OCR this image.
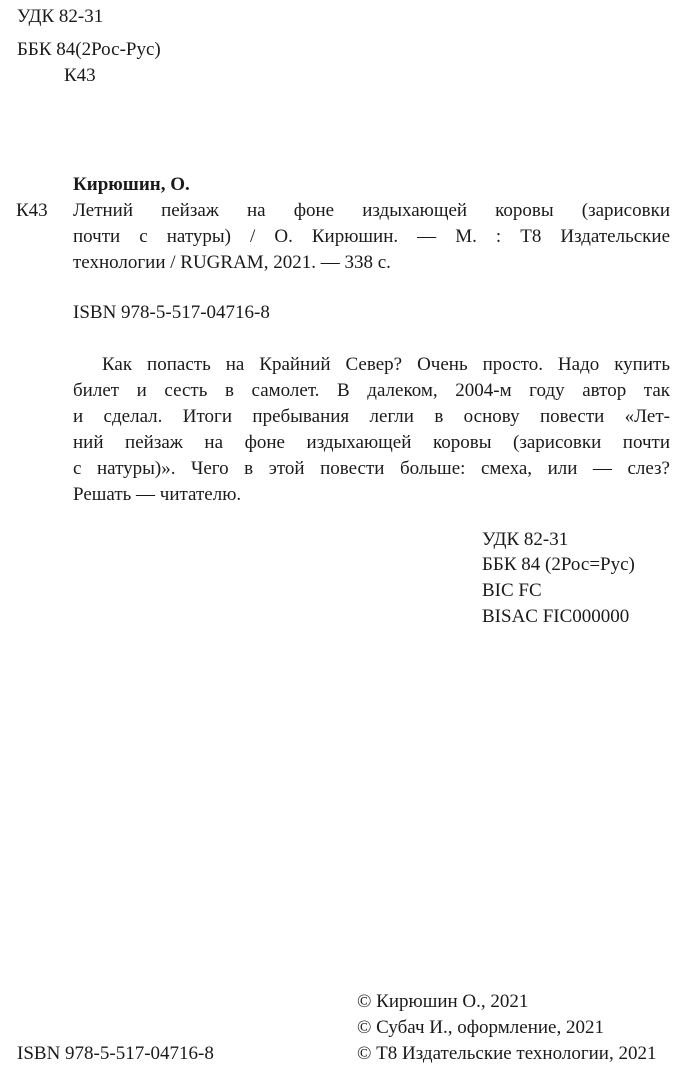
УДК 82-31
ББК 84(2Рос-Рус)
К43
Кирюшин, О.
К43 Летний пейзаж на фоне издыхающей коровы (зарисовки
почти с натуры) / О. Кирюшин. — М. : Т8 Издательские
технологии / RUGRAM, 2021. — 338 с.
ISBN 978-5-517-04716-8
Как попасть на Крайний Север? Очень просто. Надо купить
билет и сесть в самолет. В далеком, 2004-м году автор так
и сделал. Итоги пребывания легли в основу повести «Лет-
ний пейзаж на фоне издыхающей коровы (зарисовки почти
с натуры)». Чего в этой повести больше: смеха, или — слез?
Решать — читателю.
УДК 82-31
ББК 84 (2Рос=Рус)
BIC FC
BISAC FIC000000
ISBN 978-5-517-04716-8
© Кирюшин О., 2021
© Субач И., оформление, 2021
© Т8 Издательские технологии, 2021
